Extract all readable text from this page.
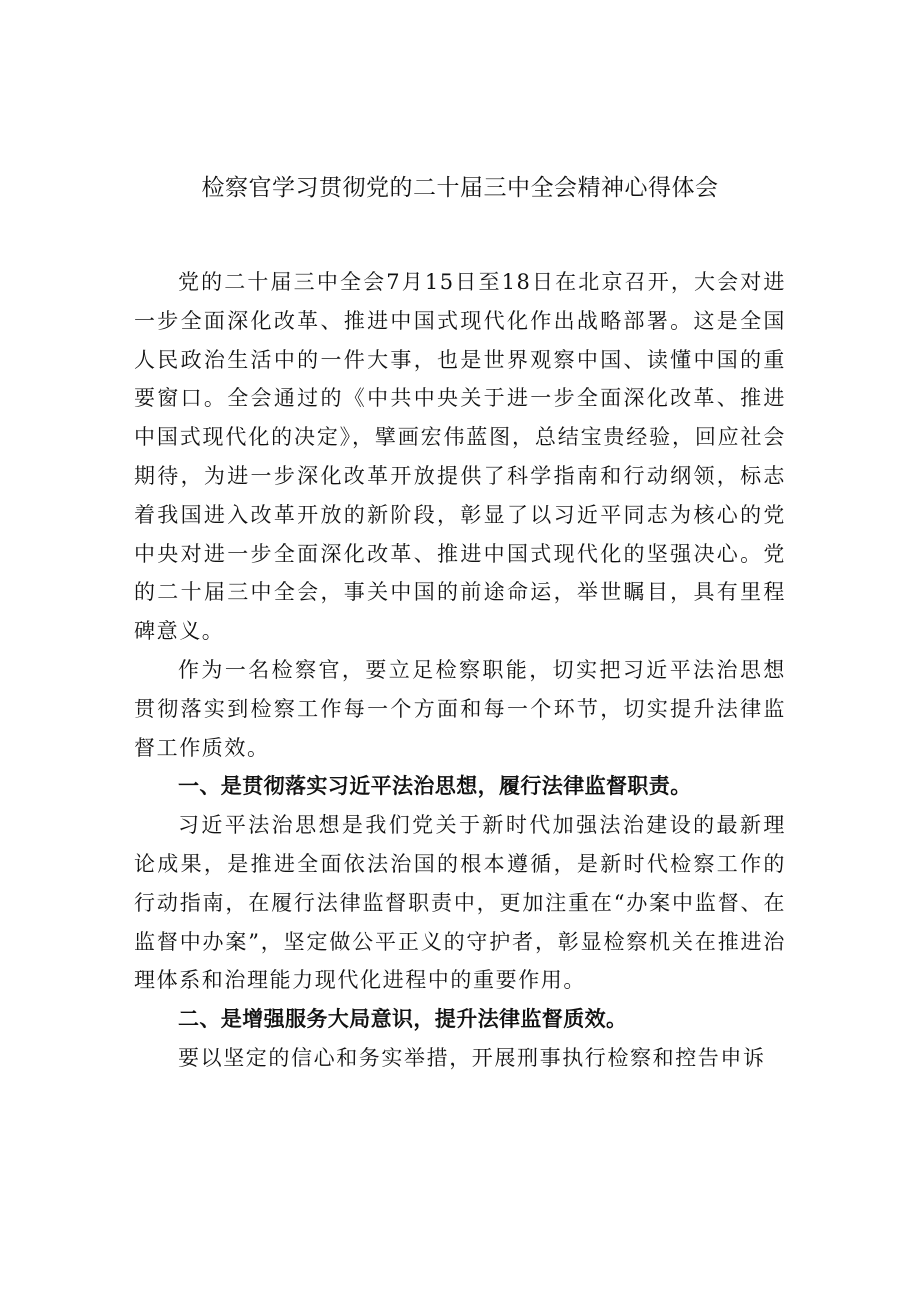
检察官学习贯彻党的二十届三中全会精神心得体会

党的二十届三中全会7月15日至18日在北京召开，大会对进一步全面深化改革、推进中国式现代化作出战略部署。这是全国人民政治生活中的一件大事，也是世界观察中国、读懂中国的重要窗口。全会通过的《中共中央关于进一步全面深化改革、推进中国式现代化的决定》，擘画宏伟蓝图，总结宝贵经验，回应社会期待，为进一步深化改革开放提供了科学指南和行动纲领，标志着我国进入改革开放的新阶段，彰显了以习近平同志为核心的党中央对进一步全面深化改革、推进中国式现代化的坚强决心。党的二十届三中全会，事关中国的前途命运，举世瞩目，具有里程碑意义。

作为一名检察官，要立足检察职能，切实把习近平法治思想贯彻落实到检察工作每一个方面和每一个环节，切实提升法律监督工作质效。

一、是贯彻落实习近平法治思想，履行法律监督职责。

习近平法治思想是我们党关于新时代加强法治建设的最新理论成果，是推进全面依法治国的根本遵循，是新时代检察工作的行动指南，在履行法律监督职责中，更加注重在“办案中监督、在监督中办案”，坚定做公平正义的守护者，彰显检察机关在推进治理体系和治理能力现代化进程中的重要作用。

二、是增强服务大局意识，提升法律监督质效。

要以坚定的信心和务实举措，开展刑事执行检察和控告申诉
